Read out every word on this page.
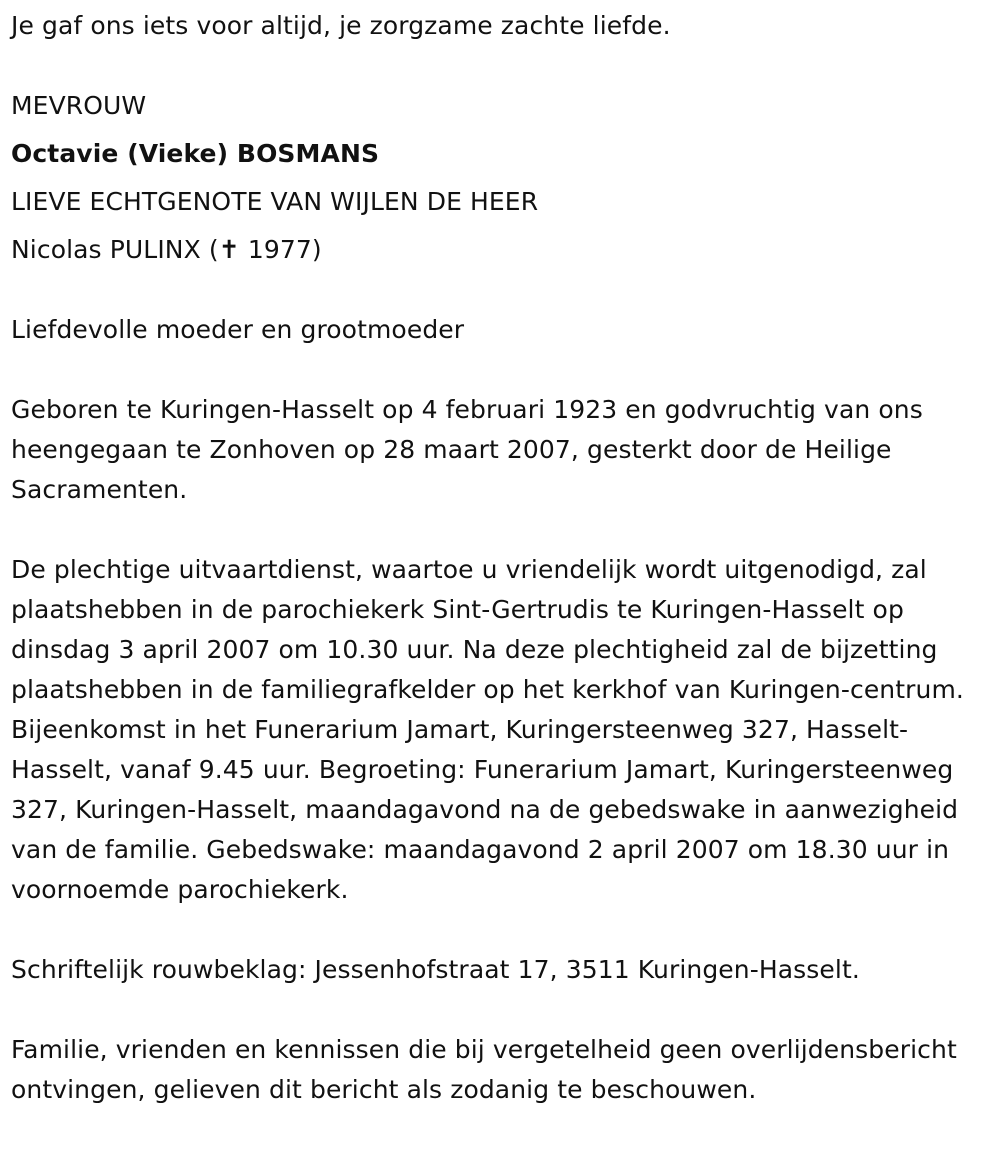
Je gaf ons iets voor altijd, je zorgzame zachte liefde.

MEVROUW

Octavie (Vieke) BOSMANS

LIEVE ECHTGENOTE VAN WIJLEN DE HEER

Nicolas PULINX (✝ 1977)

Liefdevolle moeder en grootmoeder

Geboren te Kuringen-Hasselt op 4 februari 1923 en godvruchtig van ons heengegaan te Zonhoven op 28 maart 2007, gesterkt door de Heilige Sacramenten.

De plechtige uitvaartdienst, waartoe u vriendelijk wordt uitgenodigd, zal plaatshebben in de parochiekerk Sint-Gertrudis te Kuringen-Hasselt op dinsdag 3 april 2007 om 10.30 uur. Na deze plechtigheid zal de bijzetting plaatshebben in de familiegrafkelder op het kerkhof van Kuringen-centrum. Bijeenkomst in het Funerarium Jamart, Kuringersteenweg 327, Hasselt-Hasselt, vanaf 9.45 uur. Begroeting: Funerarium Jamart, Kuringersteenweg 327, Kuringen-Hasselt, maandagavond na de gebedswake in aanwezigheid van de familie. Gebedswake: maandagavond 2 april 2007 om 18.30 uur in voornoemde parochiekerk.

Schriftelijk rouwbeklag: Jessenhofstraat 17, 3511 Kuringen-Hasselt.

Familie, vrienden en kennissen die bij vergetelheid geen overlijdensbericht ontvingen, gelieven dit bericht als zodanig te beschouwen.
